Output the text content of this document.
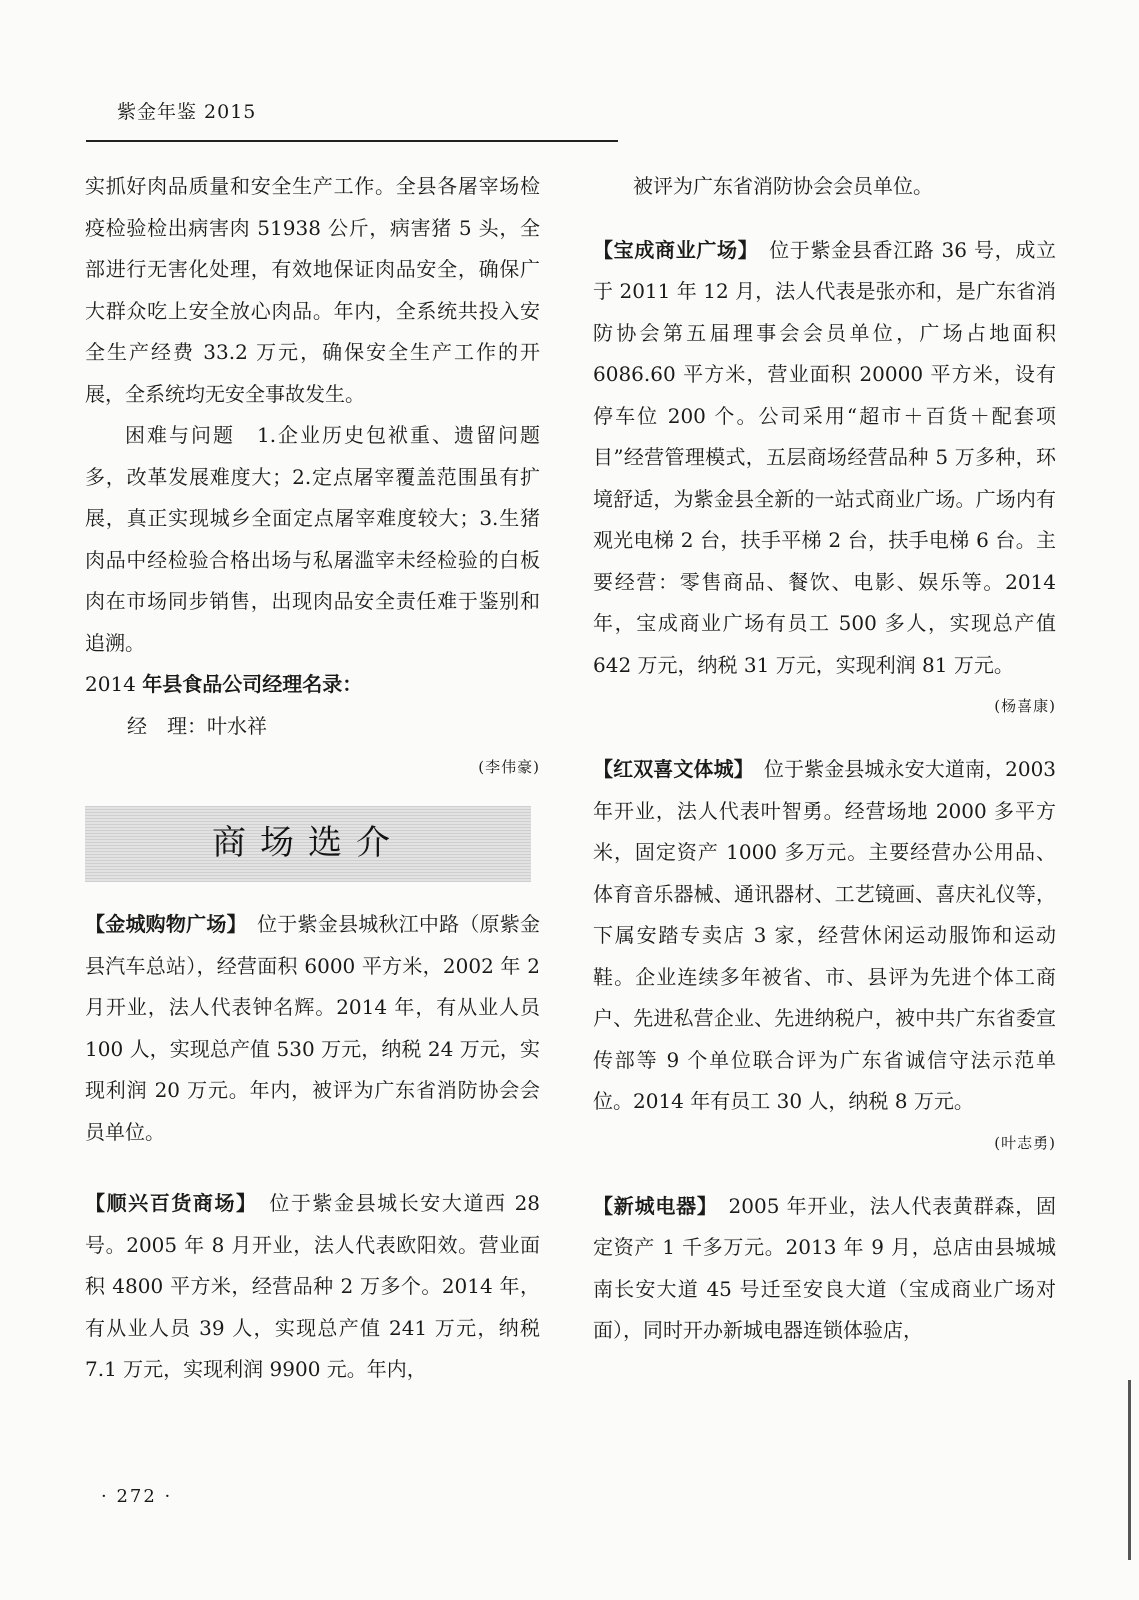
紫金年鉴 2015

实抓好肉品质量和安全生产工作。全县各屠宰场检疫检验检出病害肉 51938 公斤，病害猪 5 头，全部进行无害化处理，有效地保证肉品安全，确保广大群众吃上安全放心肉品。年内，全系统共投入安全生产经费 33.2 万元，确保安全生产工作的开展，全系统均无安全事故发生。

困难与问题　 1.企业历史包袱重、遗留问题多，改革发展难度大；2.定点屠宰覆盖范围虽有扩展，真正实现城乡全面定点屠宰难度较大；3.生猪肉品中经检验合格出场与私屠滥宰未经检验的白板肉在市场同步销售，出现肉品安全责任难于鉴别和追溯。

2014 年县食品公司经理名录：

经　理：叶水祥

(李伟豪)

商场选介

【金城购物广场】　 位于紫金县城秋江中路（原紫金县汽车总站），经营面积 6000 平方米，2002 年 2 月开业，法人代表钟名辉。2014 年，有从业人员 100 人，实现总产值 530 万元，纳税 24 万元，实现利润 20 万元。年内，被评为广东省消防协会会员单位。

【顺兴百货商场】　 位于紫金县城长安大道西 28 号。2005 年 8 月开业，法人代表欧阳效。营业面积 4800 平方米，经营品种 2 万多个。2014 年，有从业人员 39 人，实现总产值 241 万元，纳税 7.1 万元，实现利润 9900 元。年内，

被评为广东省消防协会会员单位。

【宝成商业广场】　 位于紫金县香江路 36 号，成立于 2011 年 12 月，法人代表是张亦和，是广东省消防协会第五届理事会会员单位，广场占地面积 6086.60 平方米，营业面积 20000 平方米，设有停车位 200 个。公司采用“超市＋百货＋配套项目”经营管理模式，五层商场经营品种 5 万多种，环境舒适，为紫金县全新的一站式商业广场。广场内有观光电梯 2 台，扶手平梯 2 台，扶手电梯 6 台。主要经营：零售商品、餐饮、电影、娱乐等。2014 年，宝成商业广场有员工 500 多人，实现总产值 642 万元，纳税 31 万元，实现利润 81 万元。

(杨喜康)

【红双喜文体城】　 位于紫金县城永安大道南，2003 年开业，法人代表叶智勇。经营场地 2000 多平方米，固定资产 1000 多万元。主要经营办公用品、体育音乐器械、通讯器材、工艺镜画、喜庆礼仪等，下属安踏专卖店 3 家，经营休闲运动服饰和运动鞋。企业连续多年被省、市、县评为先进个体工商户、先进私营企业、先进纳税户，被中共广东省委宣传部等 9 个单位联合评为广东省诚信守法示范单位。2014 年有员工 30 人，纳税 8 万元。

(叶志勇)

【新城电器】　 2005 年开业，法人代表黄群森，固定资产 1 千多万元。2013 年 9 月，总店由县城城南长安大道 45 号迁至安良大道（宝成商业广场对面），同时开办新城电器连锁体验店，

· 272 ·
